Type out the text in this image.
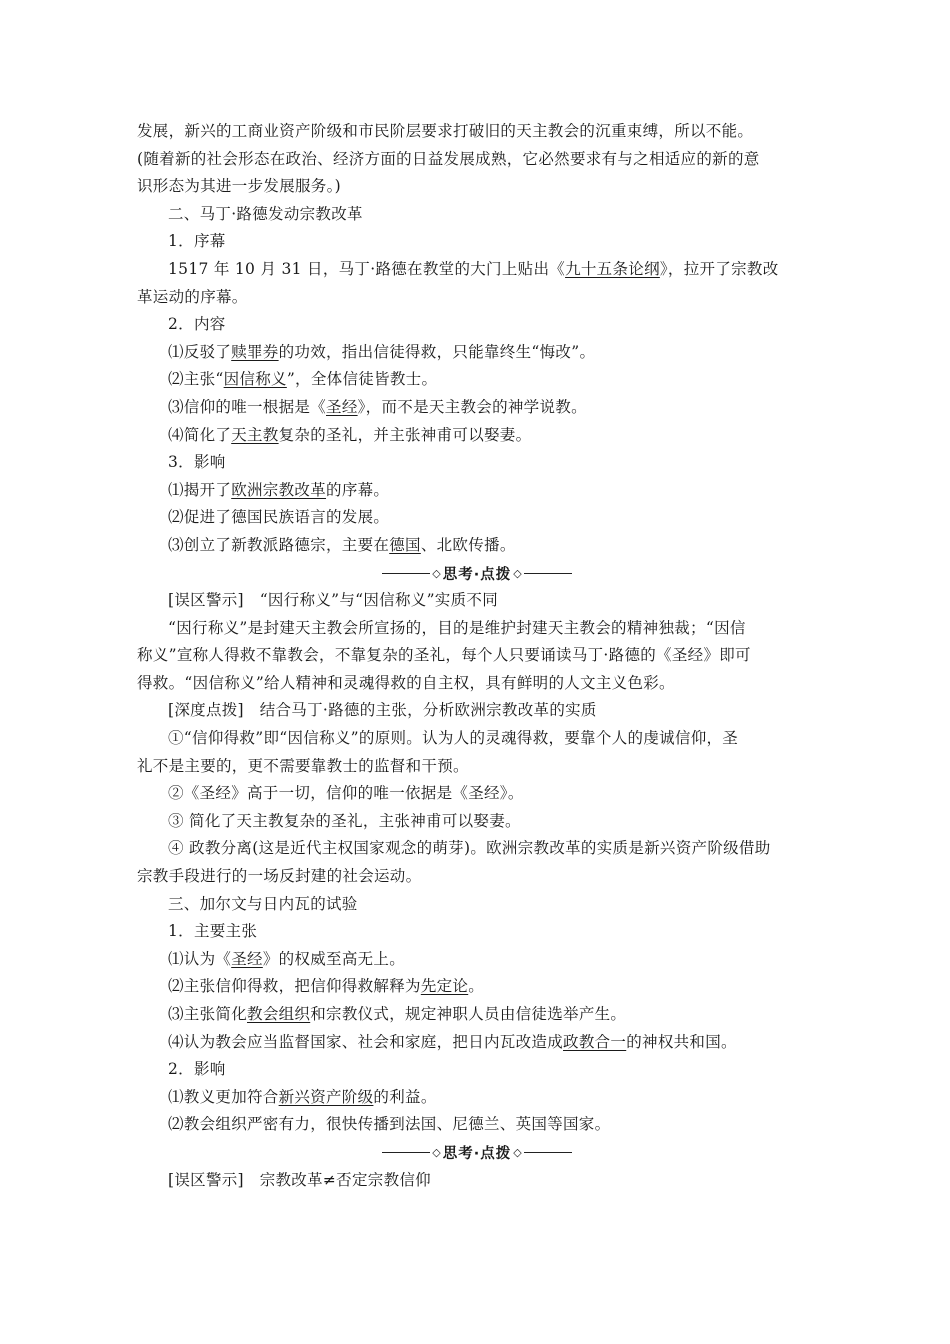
发展，新兴的工商业资产阶级和市民阶层要求打破旧的天主教会的沉重束缚，所以不能。
(随着新的社会形态在政治、经济方面的日益发展成熟，它必然要求有与之相适应的新的意
识形态为其进一步发展服务。)
二、马丁·路德发动宗教改革
1．序幕
1517 年 10 月 31 日，马丁·路德在教堂的大门上贴出《九十五条论纲》，拉开了宗教改
革运动的序幕。
2．内容
⑴反驳了赎罪券的功效，指出信徒得救，只能靠终生“悔改”。
⑵主张“因信称义”，全体信徒皆教士。
⑶信仰的唯一根据是《圣经》，而不是天主教会的神学说教。
⑷简化了天主教复杂的圣礼，并主张神甫可以娶妻。
3．影响
⑴揭开了欧洲宗教改革的序幕。
⑵促进了德国民族语言的发展。
⑶创立了新教派路德宗，主要在德国、北欧传播。
◇ 思考·点拨 ◇
[误区警示]　“因行称义”与“因信称义”实质不同
“因行称义”是封建天主教会所宣扬的，目的是维护封建天主教会的精神独裁；“因信
称义”宣称人得救不靠教会，不靠复杂的圣礼，每个人只要诵读马丁·路德的《圣经》即可
得救。“因信称义”给人精神和灵魂得救的自主权，具有鲜明的人文主义色彩。
[深度点拨]　结合马丁·路德的主张，分析欧洲宗教改革的实质
①“信仰得救”即“因信称义”的原则。认为人的灵魂得救，要靠个人的虔诚信仰，圣
礼不是主要的，更不需要靠教士的监督和干预。
②《圣经》高于一切，信仰的唯一依据是《圣经》。
③ 简化了天主教复杂的圣礼，主张神甫可以娶妻。
④ 政教分离(这是近代主权国家观念的萌芽)。欧洲宗教改革的实质是新兴资产阶级借助
宗教手段进行的一场反封建的社会运动。
三、加尔文与日内瓦的试验
1．主要主张
⑴认为《圣经》的权威至高无上。
⑵主张信仰得救，把信仰得救解释为先定论。
⑶主张简化教会组织和宗教仪式，规定神职人员由信徒选举产生。
⑷认为教会应当监督国家、社会和家庭，把日内瓦改造成政教合一的神权共和国。
2．影响
⑴教义更加符合新兴资产阶级的利益。
⑵教会组织严密有力，很快传播到法国、尼德兰、英国等国家。
◇ 思考·点拨 ◇
[误区警示]　宗教改革≠否定宗教信仰
